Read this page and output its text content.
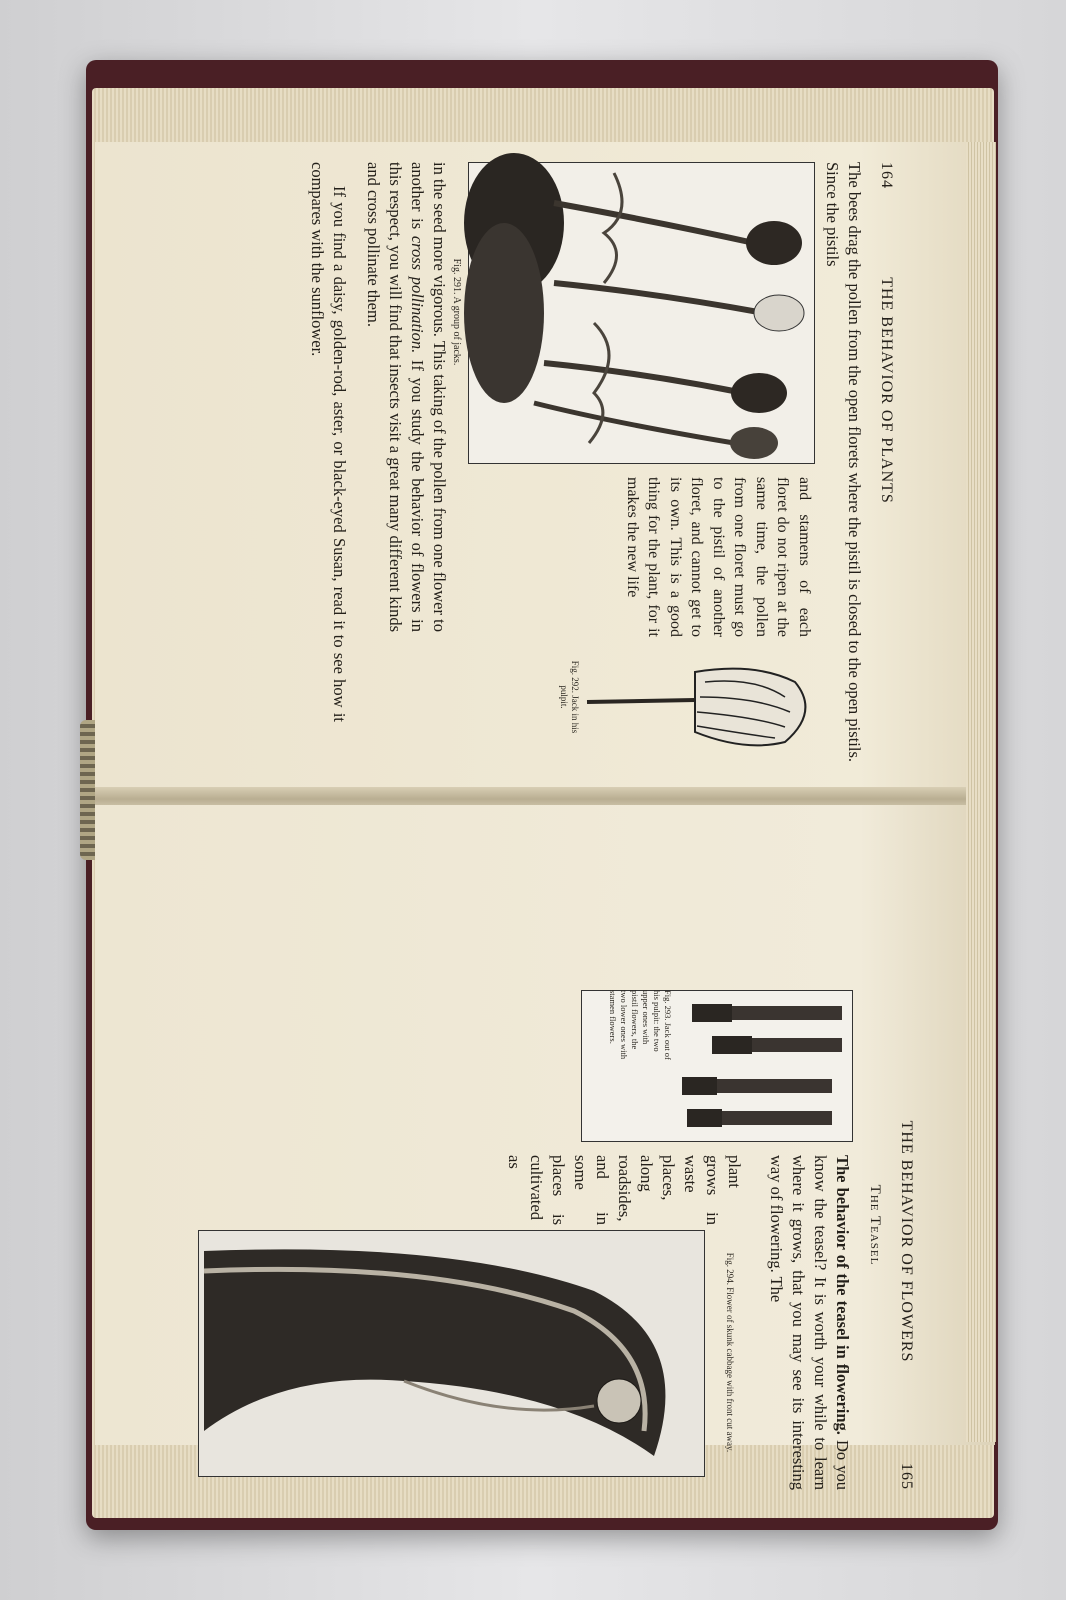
164
THE BEHAVIOR OF PLANTS

The bees drag the pollen from the open florets where the pistil is closed to the open pistils. Since the pistils

Fig. 291. A group of jacks.

and stamens of each floret do not ripen at the same time, the pollen from one floret must go to the pistil of another floret, and cannot get to its own. This is a good thing for the plant, for it makes the new life

Fig. 292. Jack in his pulpit.

in the seed more vigorous. This taking of the pollen from one flower to another is cross pollination. If you study the behavior of flowers in this respect, you will find that insects visit a great many different kinds and cross pollinate them.

If you find a daisy, golden-rod, aster, or black-eyed Susan, read it to see how it compares with the sunflower.

THE BEHAVIOR OF FLOWERS
165
The Teasel
Fig. 293. Jack out of his pulpit: the two upper ones with pistil flowers, the two lower ones with stamen flowers.

The behavior of the teasel in flowering. Do you know the teasel? It is worth your while to learn where it grows, that you may see its interesting way of flowering. The

Fig. 294. Flower of skunk cabbage with front cut away.

plant grows in waste places, along roadsides, and in some places is cultivated as
